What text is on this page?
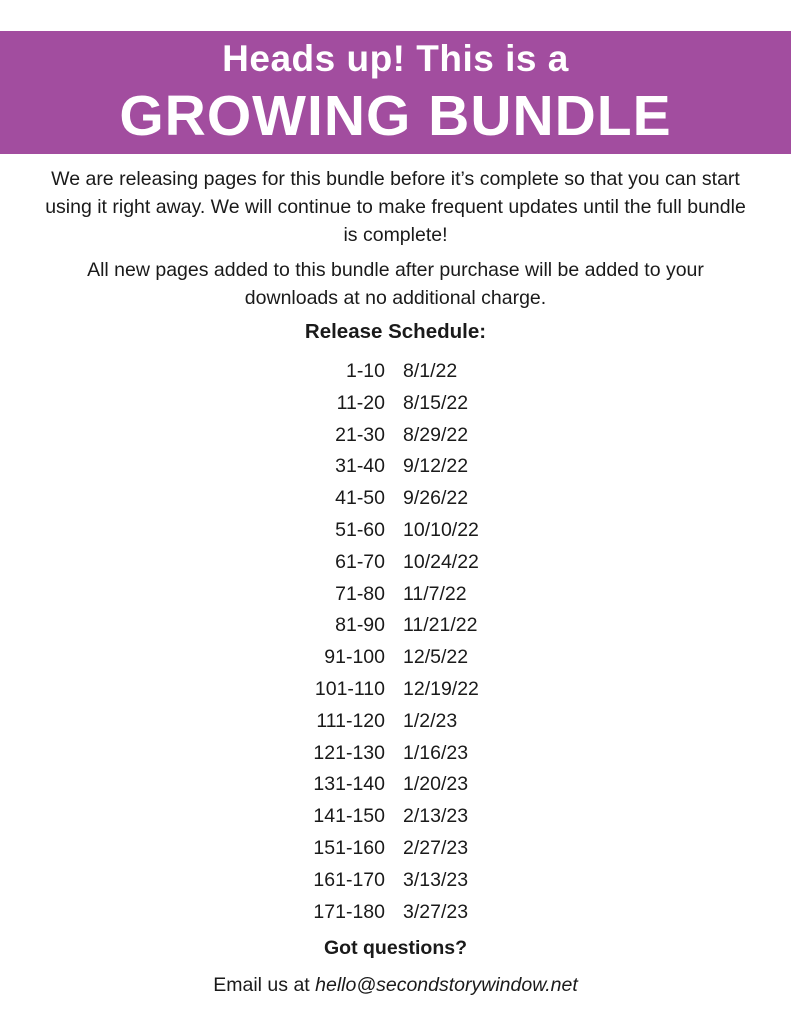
Heads up! This is a
GROWING BUNDLE
We are releasing pages for this bundle before it’s complete so that you can start using it right away. We will continue to make frequent updates until the full bundle is complete!
All new pages added to this bundle after purchase will be added to your downloads at no additional charge.
Release Schedule:
1-10 8/1/22
11-20 8/15/22
21-30 8/29/22
31-40 9/12/22
41-50 9/26/22
51-60 10/10/22
61-70 10/24/22
71-80 11/7/22
81-90 11/21/22
91-100 12/5/22
101-110 12/19/22
111-120 1/2/23
121-130 1/16/23
131-140 1/20/23
141-150 2/13/23
151-160 2/27/23
161-170 3/13/23
171-180 3/27/23
Got questions?
Email us at hello@secondstorywindow.net
